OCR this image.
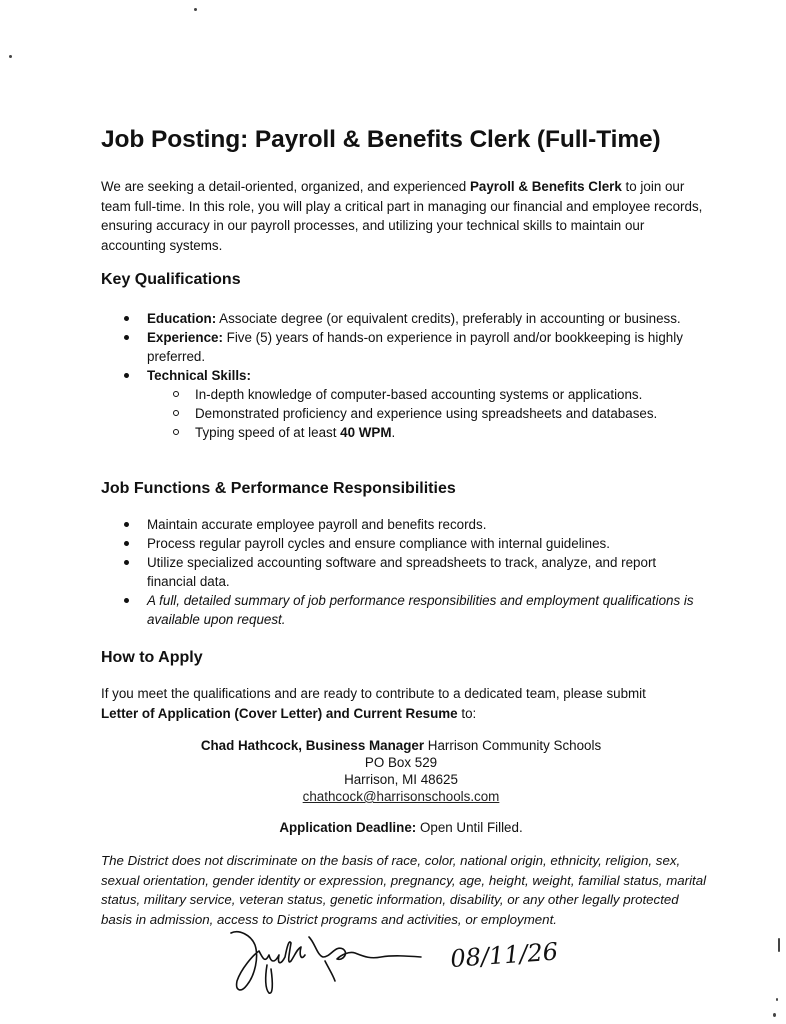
Job Posting: Payroll & Benefits Clerk (Full-Time)

We are seeking a detail-oriented, organized, and experienced Payroll & Benefits Clerk to join our team full-time. In this role, you will play a critical part in managing our financial and employee records, ensuring accuracy in our payroll processes, and utilizing your technical skills to maintain our accounting systems.

Key Qualifications
Education: Associate degree (or equivalent credits), preferably in accounting or business.
Experience: Five (5) years of hands-on experience in payroll and/or bookkeeping is highly preferred.
Technical Skills:
In-depth knowledge of computer-based accounting systems or applications.
Demonstrated proficiency and experience using spreadsheets and databases.
Typing speed of at least 40 WPM.
Job Functions & Performance Responsibilities
Maintain accurate employee payroll and benefits records.
Process regular payroll cycles and ensure compliance with internal guidelines.
Utilize specialized accounting software and spreadsheets to track, analyze, and report financial data.
A full, detailed summary of job performance responsibilities and employment qualifications is available upon request.
How to Apply

If you meet the qualifications and are ready to contribute to a dedicated team, please submit
Letter of Application (Cover Letter) and Current Resume to:

Chad Hathcock, Business Manager Harrison Community Schools
PO Box 529
Harrison, MI 48625
chathcock@harrisonschools.com
Application Deadline: Open Until Filled.

The District does not discriminate on the basis of race, color, national origin, ethnicity, religion, sex, sexual orientation, gender identity or expression, pregnancy, age, height, weight, familial status, marital status, military service, veteran status, genetic information, disability, or any other legally protected basis in admission, access to District programs and activities, or employment.

08/11/26
